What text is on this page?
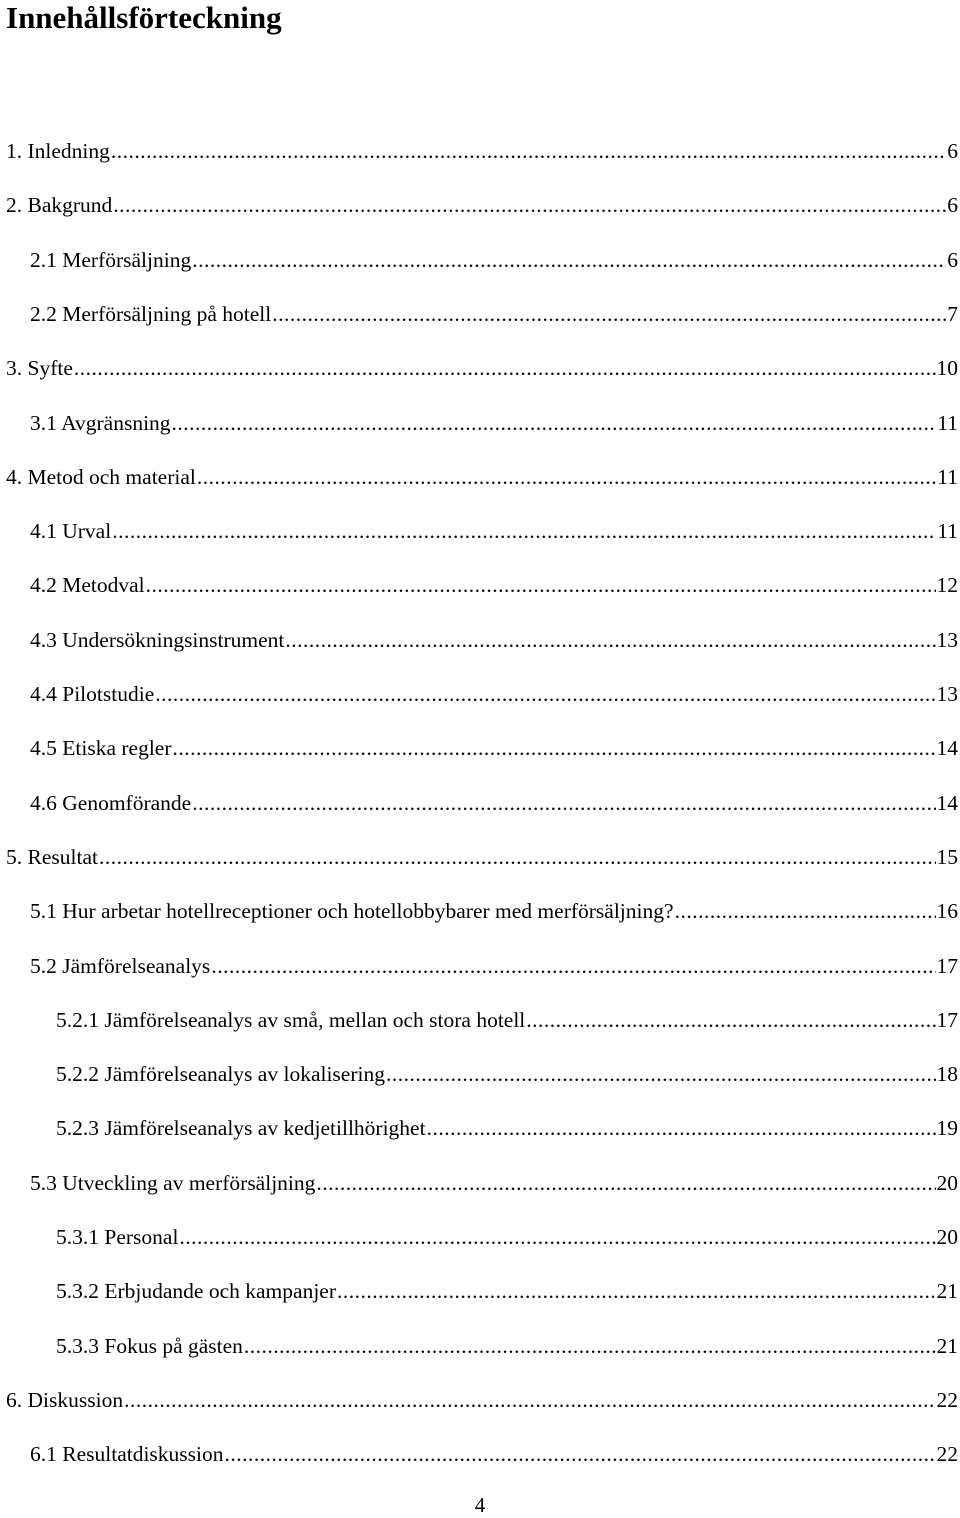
Innehållsförteckning
1. Inledning .....	6
2. Bakgrund .....	6
2.1 Merförsäljning .....	6
2.2 Merförsäljning på hotell .....	7
3. Syfte .....	10
3.1 Avgränsning .....	11
4. Metod och material .....	11
4.1 Urval .....	11
4.2 Metodval .....	12
4.3 Undersökningsinstrument .....	13
4.4 Pilotstudie .....	13
4.5 Etiska regler .....	14
4.6 Genomförande .....	14
5. Resultat .....	15
5.1 Hur arbetar hotellreceptioner och hotellobbybarer med merförsäljning? .....	16
5.2 Jämförelseanalys .....	17
5.2.1 Jämförelseanalys av små, mellan och stora hotell .....	17
5.2.2 Jämförelseanalys av lokalisering .....	18
5.2.3 Jämförelseanalys av kedjetillhörighet .....	19
5.3 Utveckling av merförsäljning .....	20
5.3.1 Personal .....	20
5.3.2 Erbjudande och kampanjer .....	21
5.3.3 Fokus på gästen .....	21
6. Diskussion .....	22
6.1 Resultatdiskussion .....	22
4
